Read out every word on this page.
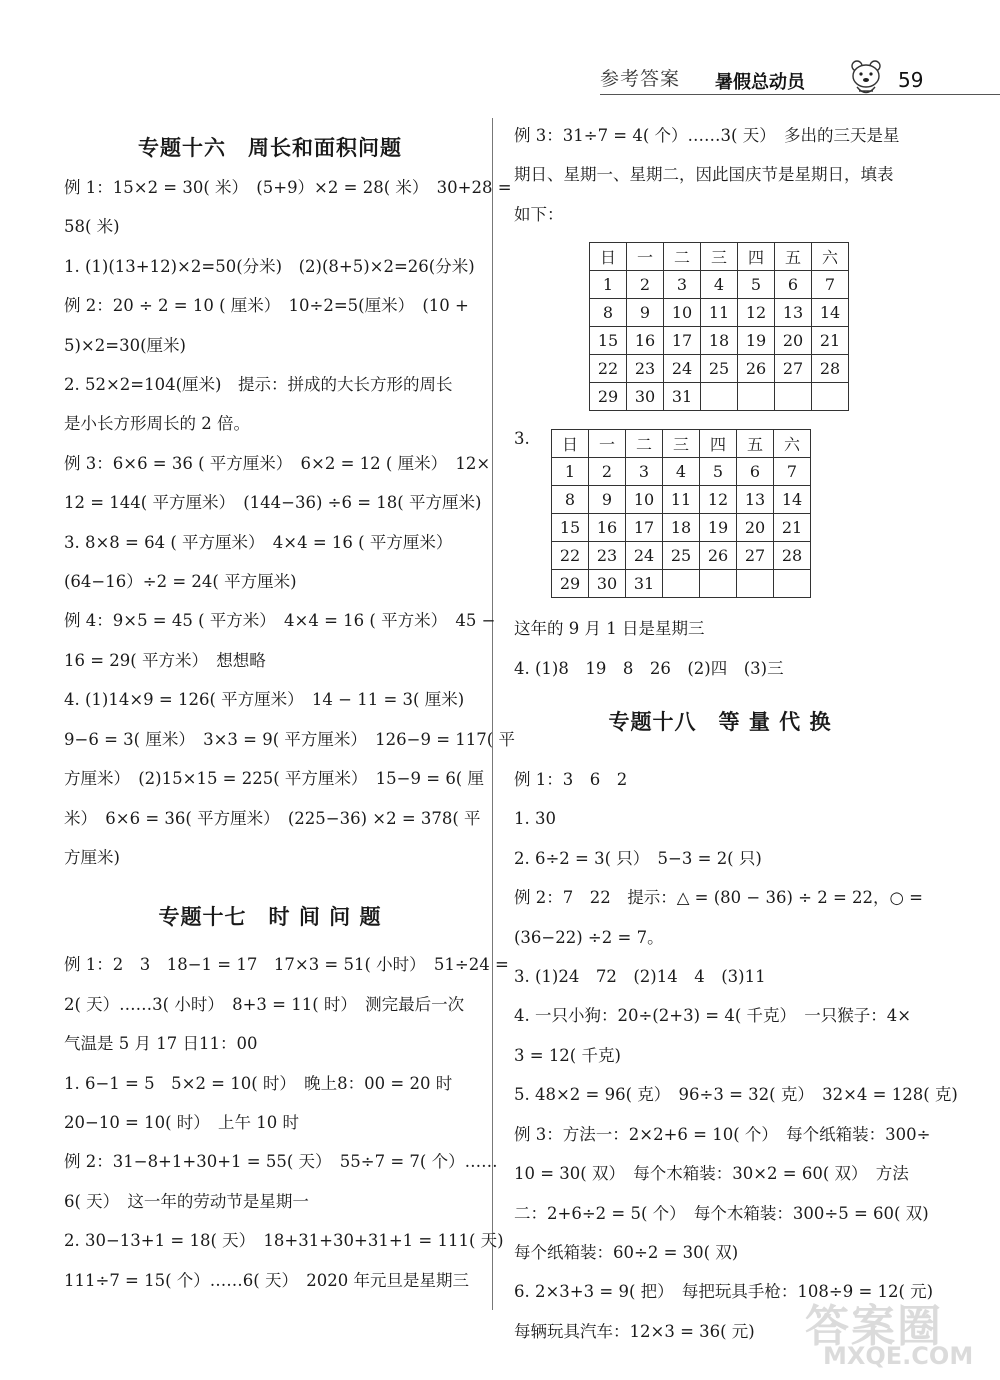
参考答案 暑假总动员	59
专题十六　周长和面积问题

例 1：15×2 = 30( 米）　(5+9）×2 = 28( 米）　30+28 =

58( 米)

1. (1)(13+12)×2=50(分米)　(2)(8+5)×2=26(分米)

例 2：20 ÷ 2 = 10 ( 厘米）　10÷2=5(厘米）　(10 +

5)×2=30(厘米)

2. 52×2=104(厘米)　提示：拼成的大长方形的周长

是小长方形周长的 2 倍。

例 3：6×6 = 36 ( 平方厘米）　6×2 = 12 ( 厘米）　12×

12 = 144( 平方厘米）　(144−36) ÷6 = 18( 平方厘米)

3. 8×8 = 64 ( 平方厘米）　4×4 = 16 ( 平方厘米）

(64−16）÷2 = 24( 平方厘米)

例 4：9×5 = 45 ( 平方米）　4×4 = 16 ( 平方米）　45 −

16 = 29( 平方米）　想想略

4. (1)14×9 = 126( 平方厘米）　14 − 11 = 3( 厘米)

9−6 = 3( 厘米）　3×3 = 9( 平方厘米）　126−9 = 117( 平

方厘米）　(2)15×15 = 225( 平方厘米）　15−9 = 6( 厘

米）　6×6 = 36( 平方厘米）　(225−36) ×2 = 378( 平

方厘米)

专题十七　时 间 问 题

例 1：2　3　18−1 = 17　17×3 = 51( 小时）　51÷24 =

2( 天）……3( 小时）　8+3 = 11( 时）　测完最后一次

气温是 5 月 17 日11：00

1. 6−1 = 5　5×2 = 10( 时）　晚上8：00 = 20 时

20−10 = 10( 时）　上午 10 时

例 2：31−8+1+30+1 = 55( 天）　55÷7 = 7( 个）……

6( 天）　这一年的劳动节是星期一

2. 30−13+1 = 18( 天）　18+31+30+31+1 = 111( 天)

111÷7 = 15( 个）……6( 天）　2020 年元旦是星期三

例 3：31÷7 = 4( 个）……3( 天）　多出的三天是星

期日、星期一、星期二，因此国庆节是星期日，填表

如下：

日	一	二	三	四	五	六
1	2	3	4	5	6	7
8	9	10	11	12	13	14
15	16	17	18	19	20	21
22	23	24	25	26	27	28
29	30	31				
3. 日	一	二	三	四	五	六
1	2	3	4	5	6	7
8	9	10	11	12	13	14
15	16	17	18	19	20	21
22	23	24	25	26	27	28
29	30	31				

这年的 9 月 1 日是星期三

4. (1)8　19　8　26　(2)四　(3)三

专题十八　等 量 代 换

例 1：3　6　2

1. 30

2. 6÷2 = 3( 只）　5−3 = 2( 只)

例 2：7　22　提示：△ = (80 − 36) ÷ 2 = 22，○ =

(36−22) ÷2 = 7。

3. (1)24　72　(2)14　4　(3)11

4. 一只小狗：20÷(2+3) = 4( 千克）　一只猴子：4×

3 = 12( 千克)

5. 48×2 = 96( 克）　96÷3 = 32( 克）　32×4 = 128( 克)

例 3：方法一：2×2+6 = 10( 个）　每个纸箱装：300÷

10 = 30( 双）　每个木箱装：30×2 = 60( 双）　方法

二：2+6÷2 = 5( 个）　每个木箱装：300÷5 = 60( 双)

每个纸箱装：60÷2 = 30( 双)

6. 2×3+3 = 9( 把）　每把玩具手枪：108÷9 = 12( 元)

每辆玩具汽车：12×3 = 36( 元)	答案圈
MXQE.COM
